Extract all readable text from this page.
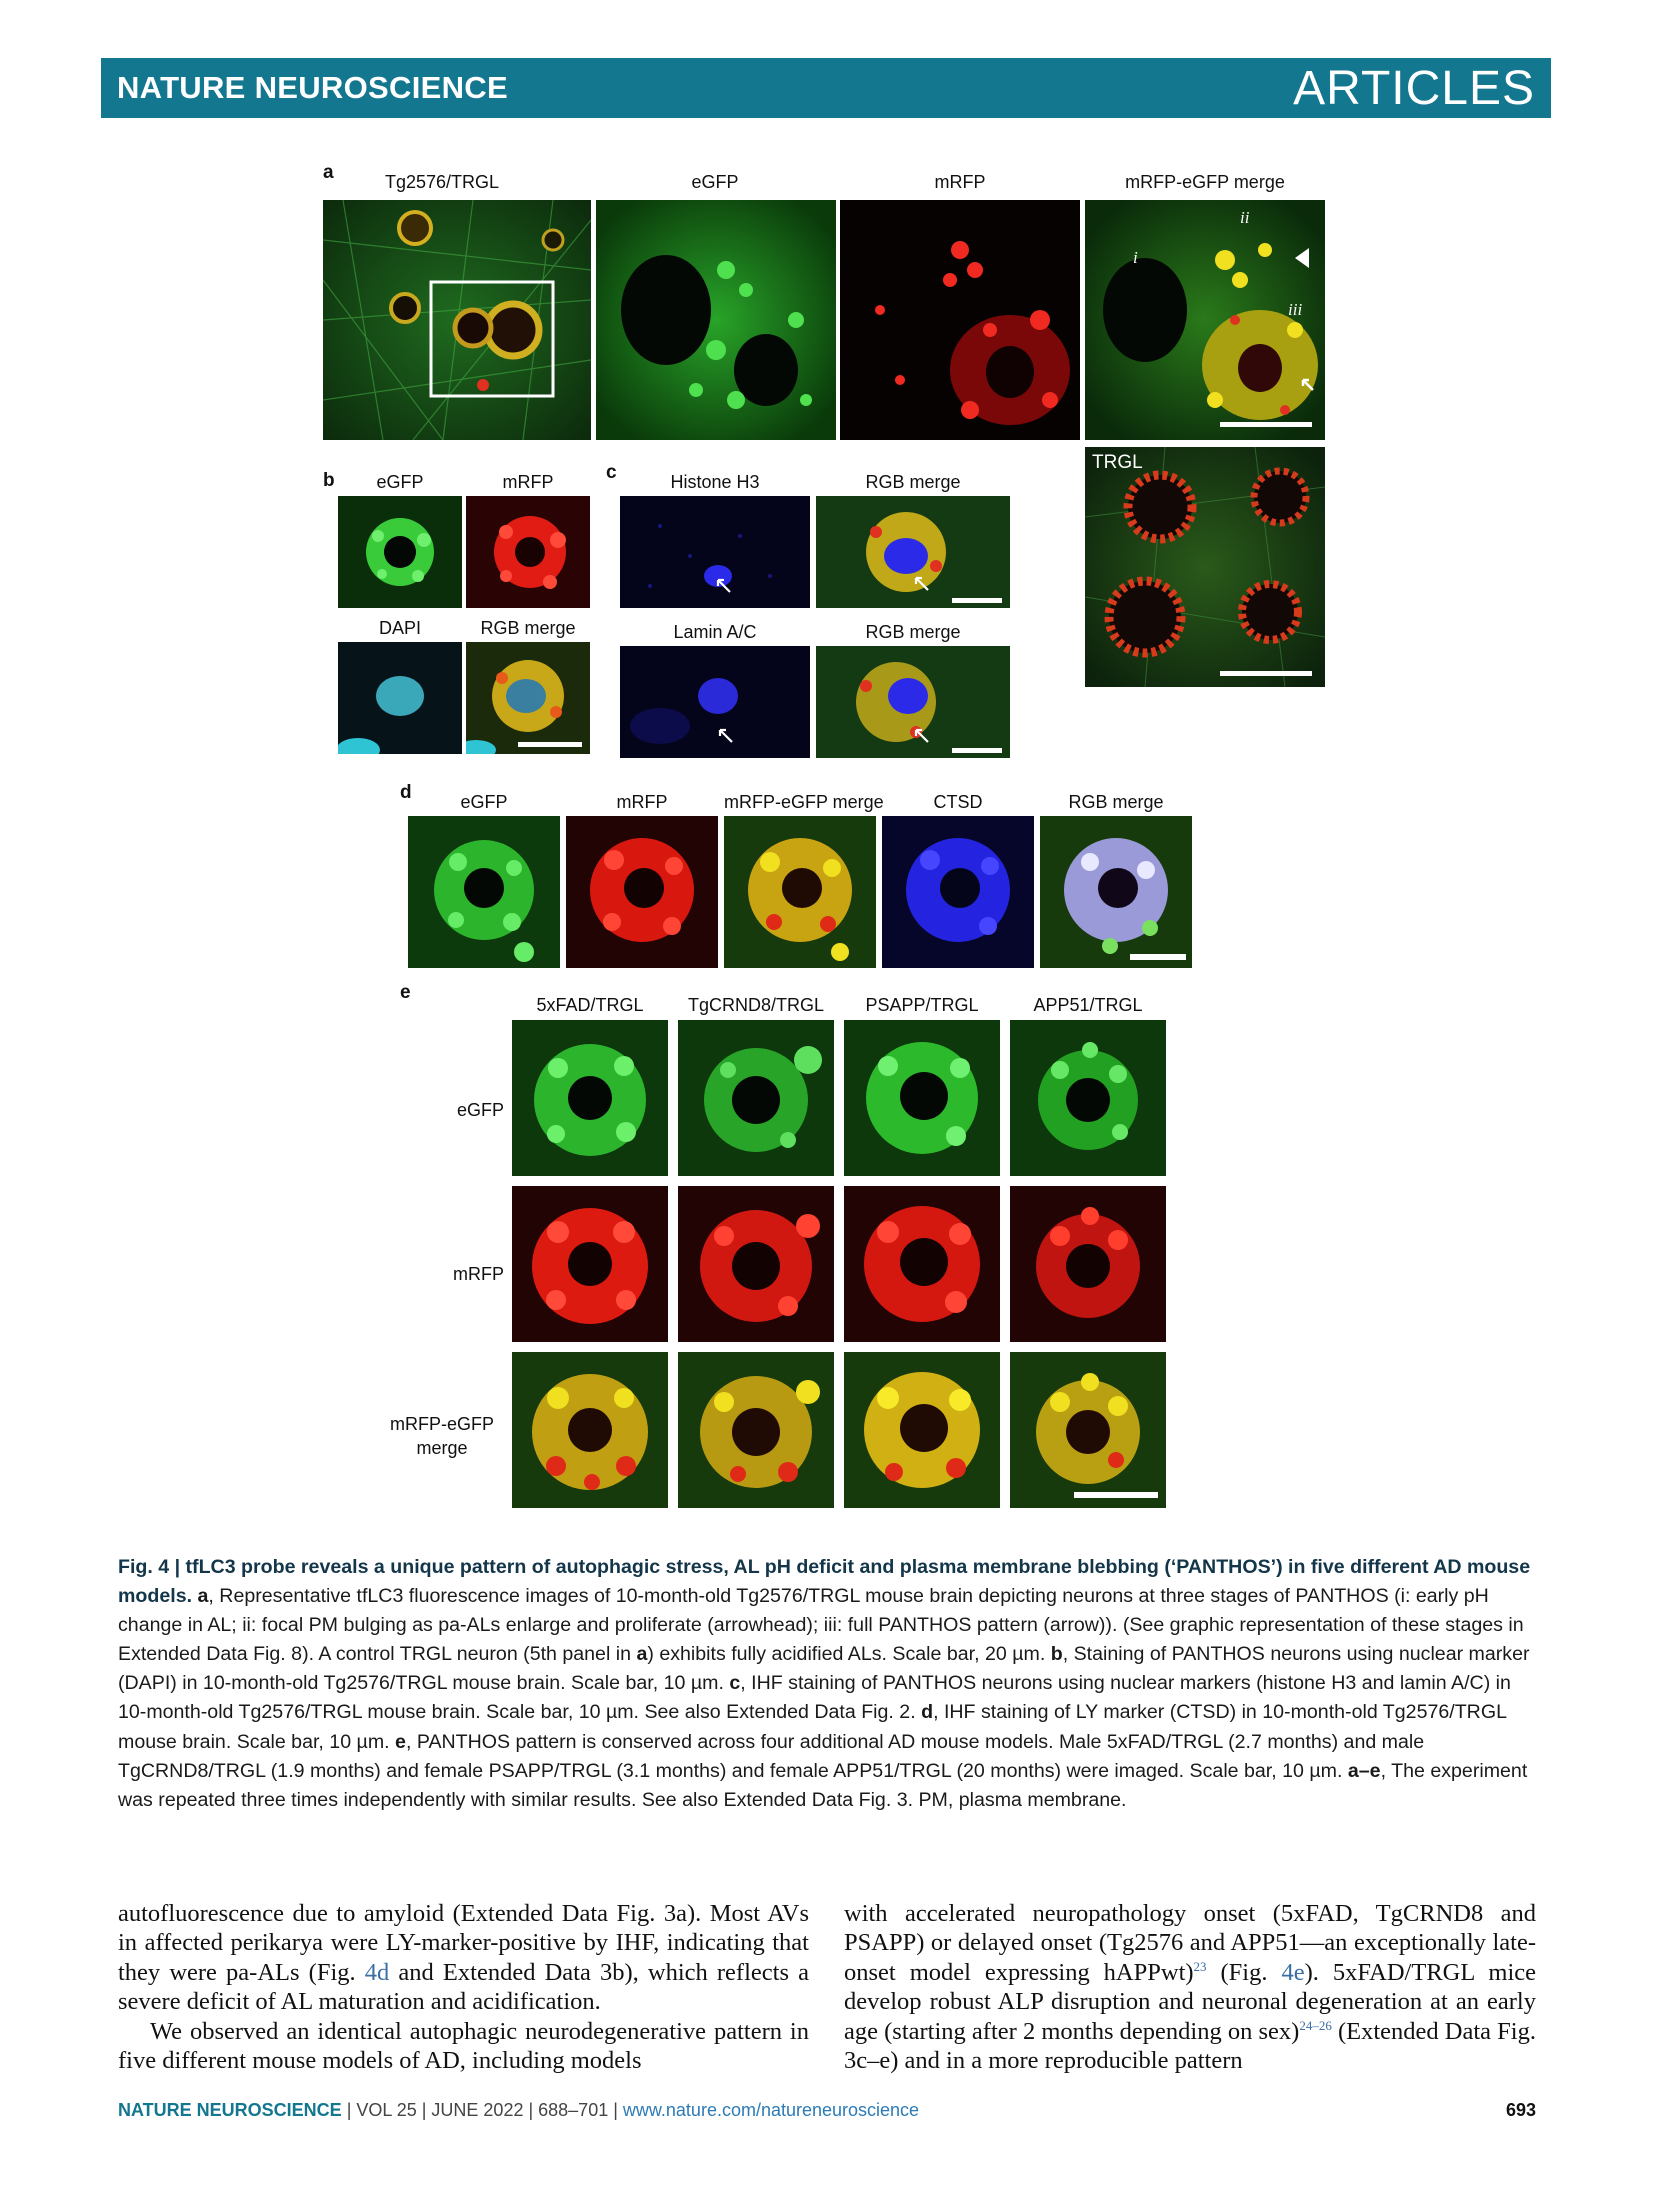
NATURE NEUROSCIENCE	ARTICLES
a	Tg2576/TRGL	eGFP	mRFP	mRFP-eGFP merge
ii
i
iii
TRGL
b	eGFP	mRFP
DAPI	RGB merge
c	Histone H3	RGB merge
Lamin A/C	RGB merge
d	eGFP	mRFP	mRFP-eGFP merge	CTSD	RGB merge
e
5xFAD/TRGL	TgCRND8/TRGL	PSAPP/TRGL	APP51/TRGL
eGFP
mRFP
mRFP-eGFP
merge
Fig. 4 | tfLC3 probe reveals a unique pattern of autophagic stress, AL pH deficit and plasma membrane blebbing (‘PANTHOS’) in five different AD mouse models. a, Representative tfLC3 fluorescence images of 10-month-old Tg2576/TRGL mouse brain depicting neurons at three stages of PANTHOS (i: early pH change in AL; ii: focal PM bulging as pa-ALs enlarge and proliferate (arrowhead); iii: full PANTHOS pattern (arrow)). (See graphic representation of these stages in Extended Data Fig. 8). A control TRGL neuron (5th panel in a) exhibits fully acidified ALs. Scale bar, 20 µm. b, Staining of PANTHOS neurons using nuclear marker (DAPI) in 10-month-old Tg2576/TRGL mouse brain. Scale bar, 10 µm. c, IHF staining of PANTHOS neurons using nuclear markers (histone H3 and lamin A/C) in 10-month-old Tg2576/TRGL mouse brain. Scale bar, 10 µm. See also Extended Data Fig. 2. d, IHF staining of LY marker (CTSD) in 10-month-old Tg2576/TRGL mouse brain. Scale bar, 10 µm. e, PANTHOS pattern is conserved across four additional AD mouse models. Male 5xFAD/TRGL (2.7 months) and male TgCRND8/TRGL (1.9 months) and female PSAPP/TRGL (3.1 months) and female APP51/TRGL (20 months) were imaged. Scale bar, 10 µm. a–e, The experiment was repeated three times independently with similar results. See also Extended Data Fig. 3. PM, plasma membrane.

autofluorescence due to amyloid (Extended Data Fig. 3a). Most AVs in affected perikarya were LY-marker-positive by IHF, indicating that they were pa-ALs (Fig. 4d and Extended Data 3b), which reflects a severe deficit of AL maturation and acidification.

We observed an identical autophagic neurodegenerative pattern in five different mouse models of AD, including models

with accelerated neuropathology onset (5xFAD, TgCRND8 and PSAPP) or delayed onset (Tg2576 and APP51—an exceptionally late-onset model expressing hAPPwt)$^{23}$ (Fig. 4e). 5xFAD/TRGL mice develop robust ALP disruption and neuronal degeneration at an early age (starting after 2 months depending on sex)$^{24-26}$ (Extended Data Fig. 3c–e) and in a more reproducible pattern

NATURE NEUROSCIENCE | VOL 25 | JUNE 2022 | 688–701 | www.nature.com/natureneuroscience	693
